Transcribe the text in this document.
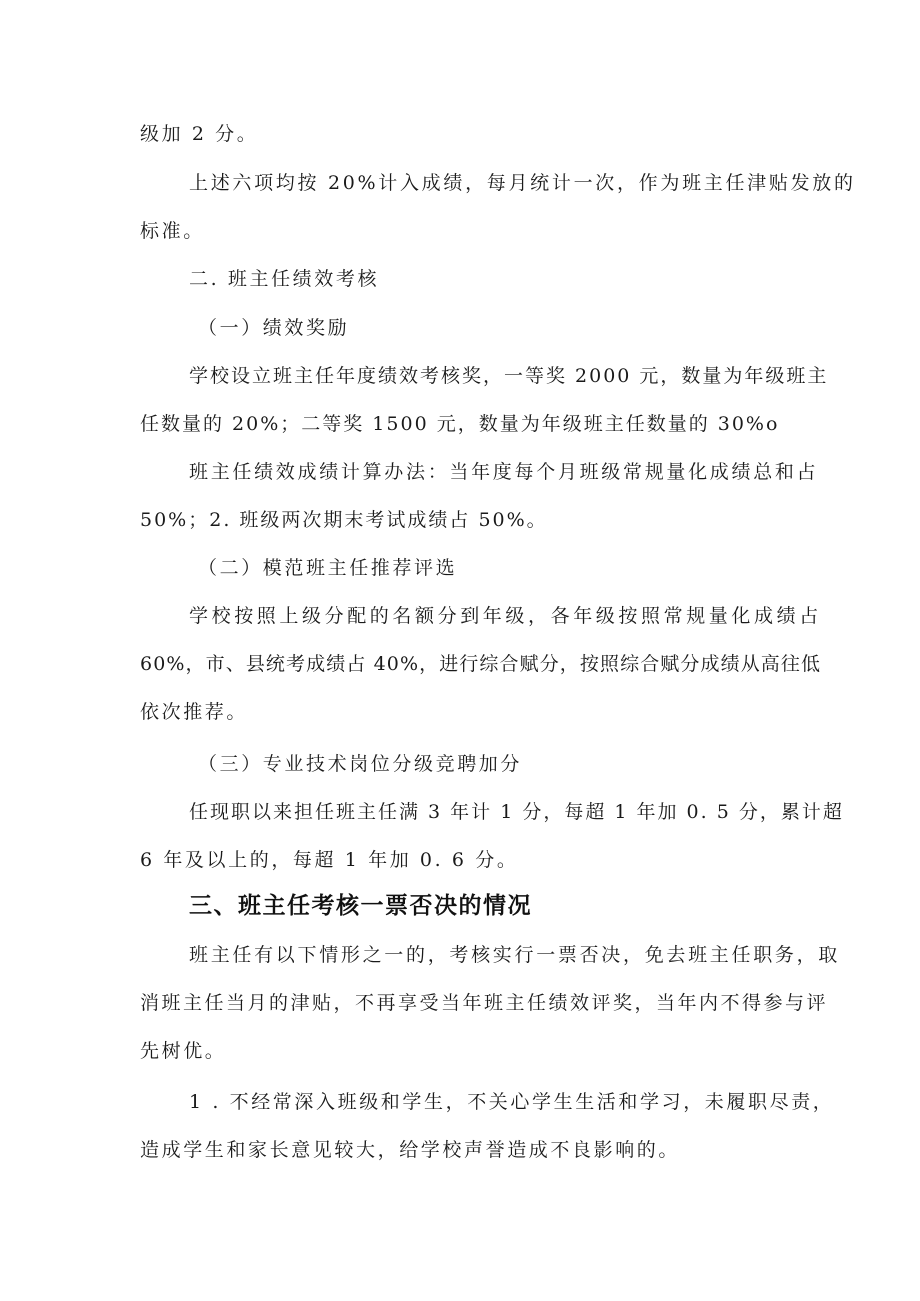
级加 2 分。
上述六项均按 20%计入成绩，每月统计一次，作为班主任津贴发放的
标准。
二. 班主任绩效考核
（一）绩效奖励
学校设立班主任年度绩效考核奖，一等奖 2000 元，数量为年级班主
任数量的 20%；二等奖 1500 元，数量为年级班主任数量的 30%o
班主任绩效成绩计算办法：当年度每个月班级常规量化成绩总和占
50%；2. 班级两次期末考试成绩占 50%。
（二）模范班主任推荐评选
学校按照上级分配的名额分到年级，各年级按照常规量化成绩占
60%，市、县统考成绩占 40%，进行综合赋分，按照综合赋分成绩从高往低
依次推荐。
（三）专业技术岗位分级竞聘加分
任现职以来担任班主任满 3 年计 1 分，每超 1 年加 0. 5 分，累计超
6 年及以上的，每超 1 年加 0. 6 分。
三、班主任考核一票否决的情况
班主任有以下情形之一的，考核实行一票否决，免去班主任职务，取
消班主任当月的津贴，不再享受当年班主任绩效评奖，当年内不得参与评
先树优。
1 . 不经常深入班级和学生，不关心学生生活和学习，未履职尽责，
造成学生和家长意见较大，给学校声誉造成不良影响的。
